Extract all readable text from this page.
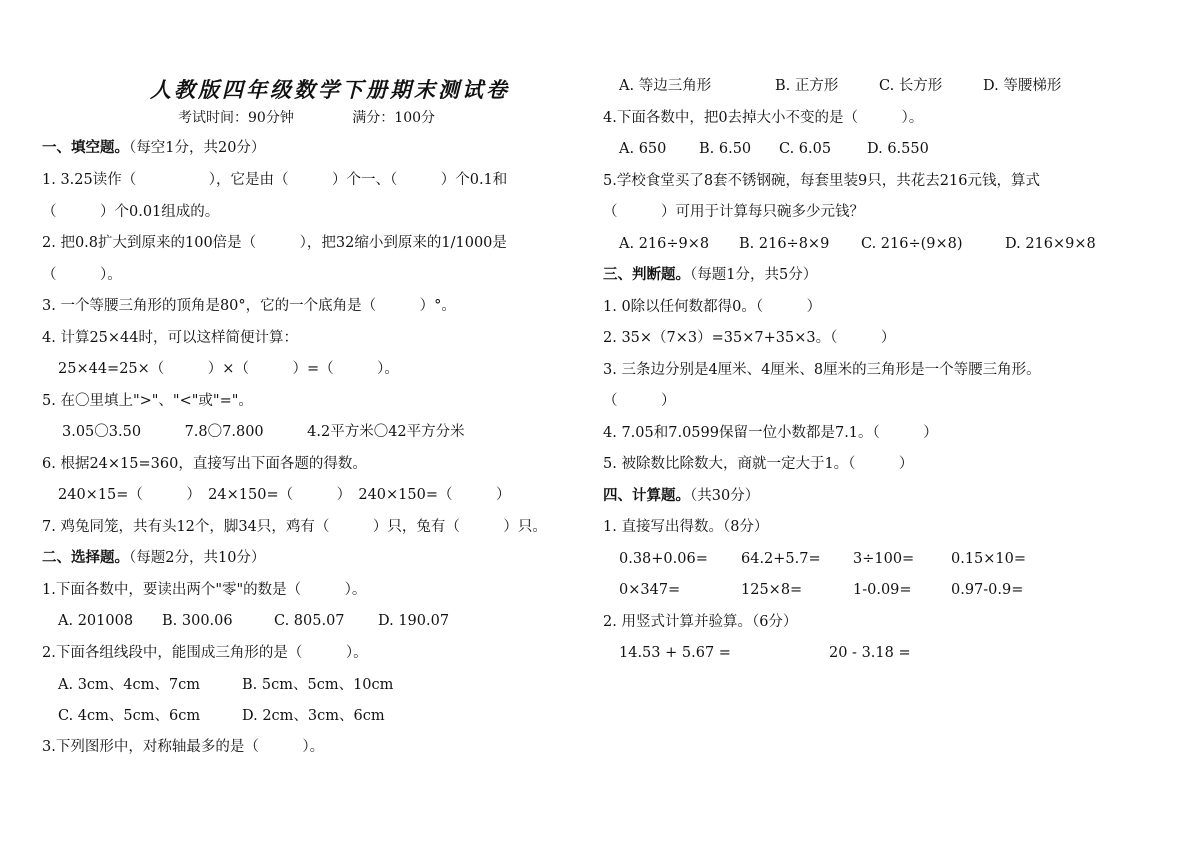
人教版四年级数学下册期末测试卷
考试时间：90分钟	满分：100分
一、填空题。（每空1分，共20分）
1. 3.25读作（　　　　　），它是由（　　　）个一、（　　　）个0.1和
（　　　）个0.01组成的。
2. 把0.8扩大到原来的100倍是（　　　），把32缩小到原来的1/1000是
（　　　）。
3. 一个等腰三角形的顶角是80°，它的一个底角是（　　　）°。
4. 计算25×44时，可以这样简便计算：
25×44=25×（　　　）×（　　　）=（　　　）。
5. 在〇里填上">"、"<"或"="。
3.05〇3.50　　　7.8〇7.800　　　4.2平方米〇42平方分米
6. 根据24×15=360，直接写出下面各题的得数。
240×15=（　　　）　24×150=（　　　）　240×150=（　　　）
7. 鸡兔同笼，共有头12个，脚34只，鸡有（　　　）只，兔有（　　　）只。
二、选择题。（每题2分，共10分）
1.下面各数中，要读出两个"零"的数是（　　　）。
A. 201008 B. 300.06	C. 805.07 D. 190.07
2.下面各组线段中，能围成三角形的是（　　　）。
A. 3cm、4cm、7cm	B. 5cm、5cm、10cm
C. 4cm、5cm、6cm	D. 2cm、3cm、6cm
3.下列图形中，对称轴最多的是（　　　）。
A. 等边三角形	B. 正方形	C. 长方形	D. 等腰梯形
4.下面各数中，把0去掉大小不变的是（　　　）。
A. 650 B. 6.50 C. 6.05 D. 6.550
5.学校食堂买了8套不锈钢碗，每套里装9只，共花去216元钱，算式
（　　　）可用于计算每只碗多少元钱？
A. 216÷9×8 B. 216÷8×9 C. 216÷(9×8)	D. 216×9×8
三、判断题。（每题1分，共5分）
1. 0除以任何数都得0。（　　　）
2. 35×（7×3）=35×7+35×3。（　　　）
3. 三条边分别是4厘米、4厘米、8厘米的三角形是一个等腰三角形。
（　　　）
4. 7.05和7.0599保留一位小数都是7.1。（　　　）
5. 被除数比除数大，商就一定大于1。（　　　）
四、计算题。（共30分）
1. 直接写出得数。（8分）
0.38+0.06= 64.2+5.7= 3÷100=	0.15×10=
0×347=	125×8=	1-0.09=	0.97-0.9=
2. 用竖式计算并验算。（6分）
14.53 + 5.67 =	20 - 3.18 =
